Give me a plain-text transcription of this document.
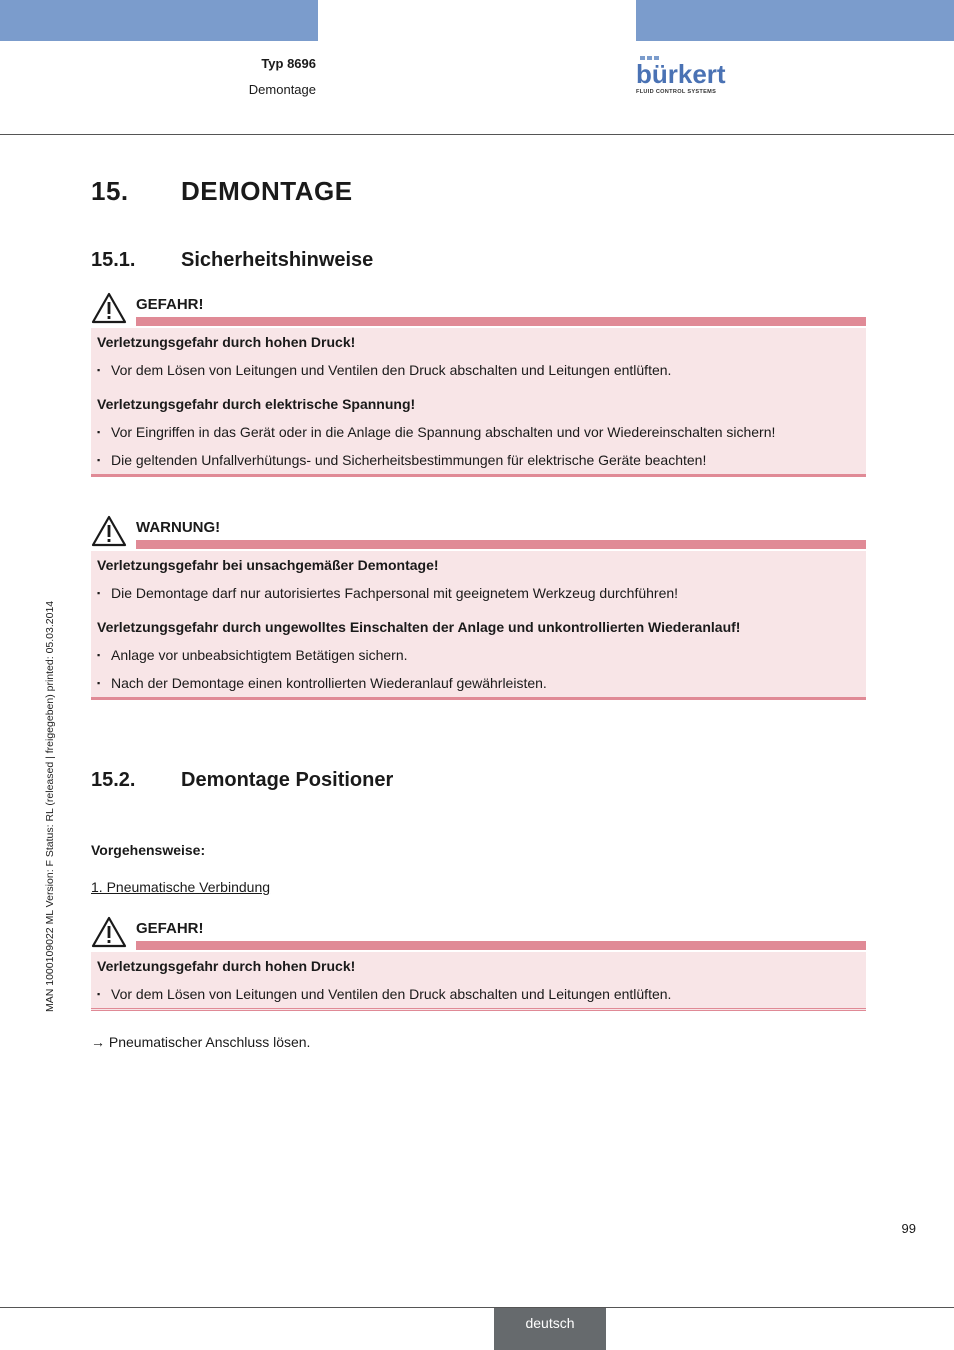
Typ 8696
Demontage
bürkert
FLUID CONTROL SYSTEMS
15. DEMONTAGE
15.1. Sicherheitshinweise
GEFAHR!

Verletzungsgefahr durch hohen Druck!

▪ Vor dem Lösen von Leitungen und Ventilen den Druck abschalten und Leitungen entlüften.

Verletzungsgefahr durch elektrische Spannung!

▪ Vor Eingriffen in das Gerät oder in die Anlage die Spannung abschalten und vor Wiedereinschalten sichern!

▪ Die geltenden Unfallverhütungs- und Sicherheitsbestimmungen für elektrische Geräte beachten!

WARNUNG!

Verletzungsgefahr bei unsachgemäßer Demontage!

▪ Die Demontage darf nur autorisiertes Fachpersonal mit geeignetem Werkzeug durchführen!

Verletzungsgefahr durch ungewolltes Einschalten der Anlage und unkontrollierten Wiederanlauf!

▪ Anlage vor unbeabsichtigtem Betätigen sichern.

▪ Nach der Demontage einen kontrollierten Wiederanlauf gewährleisten.

15.2. Demontage Positioner
Vorgehensweise:
1. Pneumatische Verbindung
GEFAHR!

Verletzungsgefahr durch hohen Druck!

▪ Vor dem Lösen von Leitungen und Ventilen den Druck abschalten und Leitungen entlüften.

→ Pneumatischer Anschluss lösen.
MAN 1000109022 ML Version: F Status: RL (released | freigegeben) printed: 05.03.2014
99
deutsch
